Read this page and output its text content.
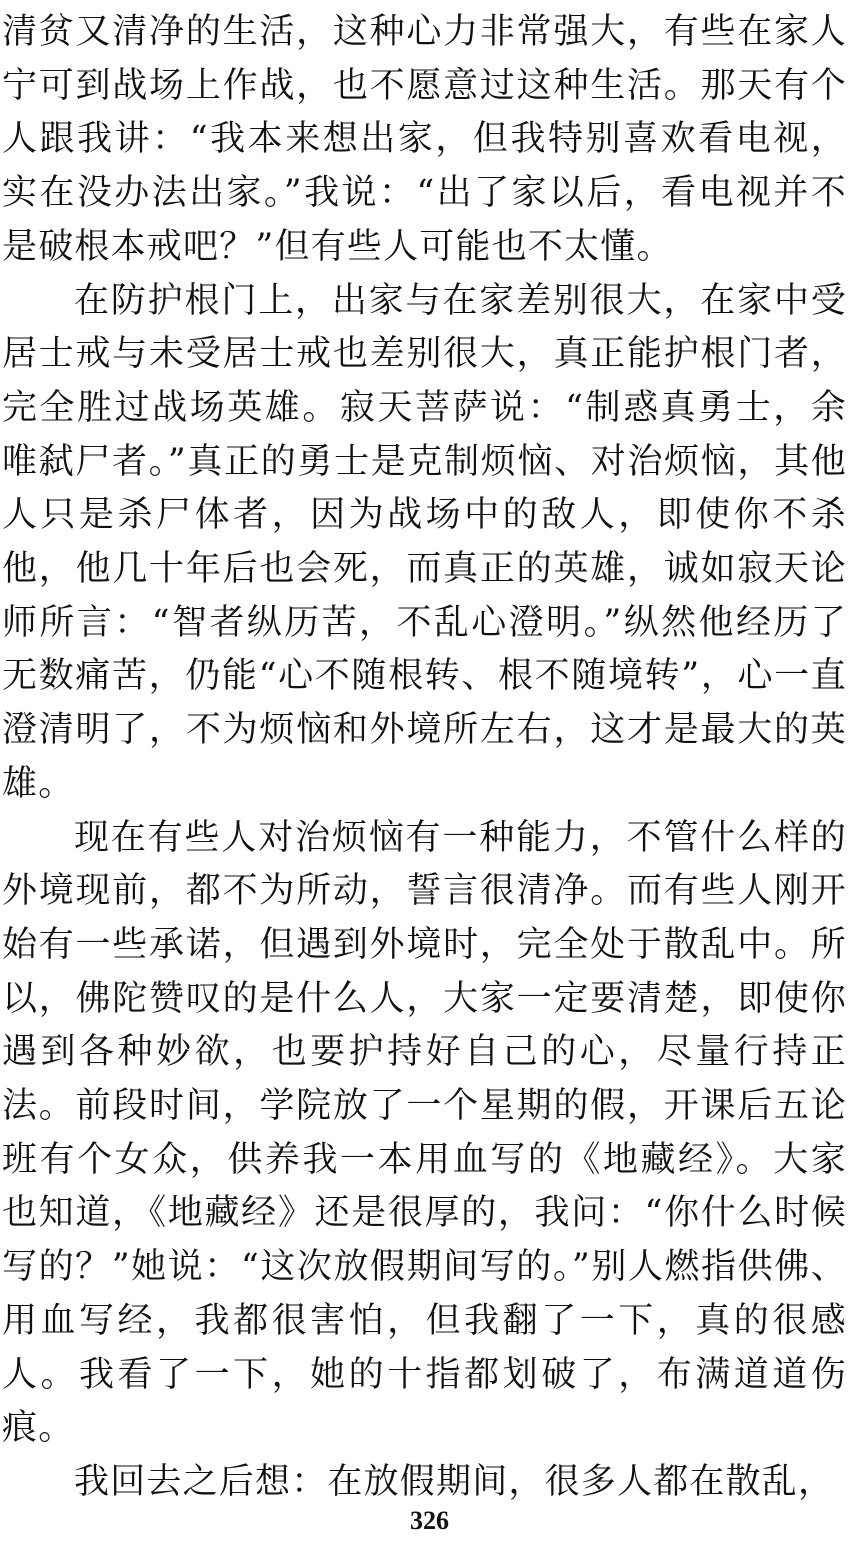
清贫又清净的生活，这种心力非常强大，有些在家人宁可到战场上作战，也不愿意过这种生活。那天有个人跟我讲：“我本来想出家，但我特别喜欢看电视，实在没办法出家。”我说：“出了家以后，看电视并不是破根本戒吧？”但有些人可能也不太懂。

在防护根门上，出家与在家差别很大，在家中受居士戒与未受居士戒也差别很大，真正能护根门者，完全胜过战场英雄。寂天菩萨说：“制惑真勇士，余唯弑尸者。”真正的勇士是克制烦恼、对治烦恼，其他人只是杀尸体者，因为战场中的敌人，即使你不杀他，他几十年后也会死，而真正的英雄，诚如寂天论师所言：“智者纵历苦，不乱心澄明。”纵然他经历了无数痛苦，仍能“心不随根转、根不随境转”，心一直澄清明了，不为烦恼和外境所左右，这才是最大的英雄。

现在有些人对治烦恼有一种能力，不管什么样的外境现前，都不为所动，誓言很清净。而有些人刚开始有一些承诺，但遇到外境时，完全处于散乱中。所以，佛陀赞叹的是什么人，大家一定要清楚，即使你遇到各种妙欲，也要护持好自己的心，尽量行持正法。前段时间，学院放了一个星期的假，开课后五论班有个女众，供养我一本用血写的《地藏经》。大家也知道，《地藏经》还是很厚的，我问：“你什么时候写的？”她说：“这次放假期间写的。”别人燃指供佛、用血写经，我都很害怕，但我翻了一下，真的很感人。我看了一下，她的十指都划破了，布满道道伤痕。

我回去之后想：在放假期间，很多人都在散乱，

326
